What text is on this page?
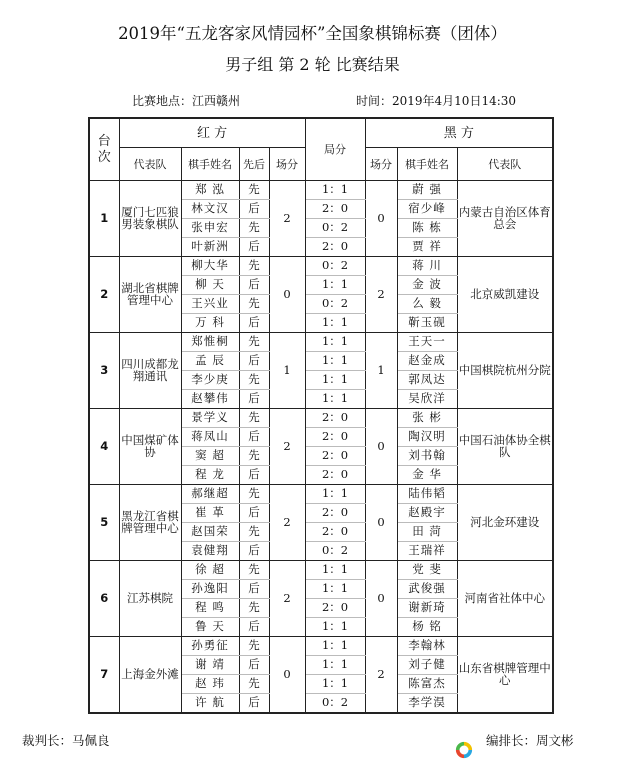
2019年“五龙客家风情园杯”全国象棋锦标赛（团体）
男子组 第 2 轮 比赛结果
比赛地点：江西赣州	时间：2019年4月10日14:30
台
次	红 方				局分	黑 方		
	代表队	棋手姓名	先后	场分		场分	棋手姓名	代表队
1	厦门七匹狼男装象棋队	郑 泓	先	2	1：1	0	蔚 强	内蒙古自治区体育总会
		林文汉	后		2：0		宿少峰	
		张申宏	先		0：2		陈 栋	
		叶新洲	后		2：0		贾 祥	
2	湖北省棋牌管理中心	柳大华	先	0	0：2	2	蒋 川	北京威凯建设
		柳 天	后		1：1		金 波	
		王兴业	先		0：2		么 毅	
		万 科	后		1：1		靳玉砚	
3	四川成都龙翔通讯	郑惟桐	先	1	1：1	1	王天一	中国棋院杭州分院
		孟 辰	后		1：1		赵金成	
		李少庚	先		1：1		郭凤达	
		赵攀伟	后		1：1		吴欣洋	
4	中国煤矿体协	景学义	先	2	2：0	0	张 彬	中国石油体协全棋队
		蒋凤山	后		2：0		陶汉明	
		窦 超	先		2：0		刘书翰	
		程 龙	后		2：0		金 华	
5	黑龙江省棋牌管理中心	郝继超	先	2	1：1	0	陆伟韬	河北金环建设
		崔 革	后		2：0		赵殿宇	
		赵国荣	先		2：0		田 菏	
		袁健翔	后		0：2		王瑞祥	
6	江苏棋院	徐 超	先	2	1：1	0	党 斐	河南省社体中心
		孙逸阳	后		1：1		武俊强	
		程 鸣	先		2：0		谢新琦	
		鲁 天	后		1：1		杨 铭	
7	上海金外滩	孙勇征	先	0	1：1	2	李翰林	山东省棋牌管理中心
		谢 靖	后		1：1		刘子健	
		赵 玮	先		1：1		陈富杰	
		许 航	后		0：2		李学淏	
裁判长：马佩良	编排长：周文彬
